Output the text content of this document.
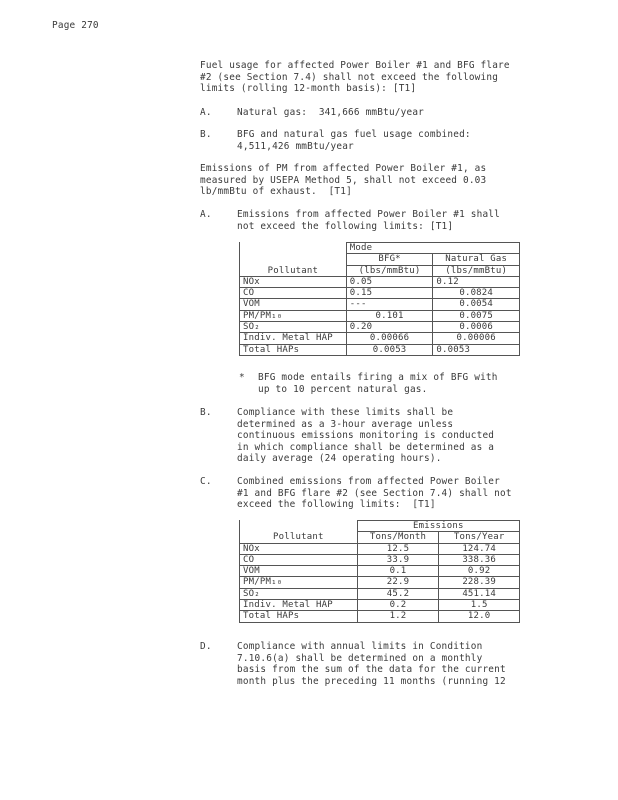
Page 270
Fuel usage for affected Power Boiler #1 and BFG flare
#2 (see Section 7.4) shall not exceed the following
limits (rolling 12-month basis): [T1]
A.	Natural gas:  341,666 mmBtu/year
B.	BFG and natural gas fuel usage combined:
4,511,426 mmBtu/year
Emissions of PM from affected Power Boiler #1, as
measured by USEPA Method 5, shall not exceed 0.03
lb/mmBtu of exhaust.  [T1]
A.	Emissions from affected Power Boiler #1 shall
not exceed the following limits: [T1]
Pollutant	Mode	
	BFG*	Natural Gas
	(lbs/mmBtu)	(lbs/mmBtu)
NOx	0.05	0.12
CO	0.15	0.0824
VOM	---	0.0054
PM/PM₁₀	0.101	0.0075
SO₂	0.20	0.0006
Indiv. Metal HAP	0.00066	0.00006
Total HAPs	0.0053	0.0053
* BFG mode entails firing a mix of BFG with
up to 10 percent natural gas.
B.	Compliance with these limits shall be
determined as a 3-hour average unless
continuous emissions monitoring is conducted
in which compliance shall be determined as a
daily average (24 operating hours).
C.	Combined emissions from affected Power Boiler
#1 and BFG flare #2 (see Section 7.4) shall not
exceed the following limits:  [T1]
Pollutant	Emissions	
	Tons/Month	Tons/Year
NOx	12.5	124.74
CO	33.9	338.36
VOM	0.1	0.92
PM/PM₁₀	22.9	228.39
SO₂	45.2	451.14
Indiv. Metal HAP	0.2	1.5
Total HAPs	1.2	12.0
D.	Compliance with annual limits in Condition
7.10.6(a) shall be determined on a monthly
basis from the sum of the data for the current
month plus the preceding 11 months (running 12
